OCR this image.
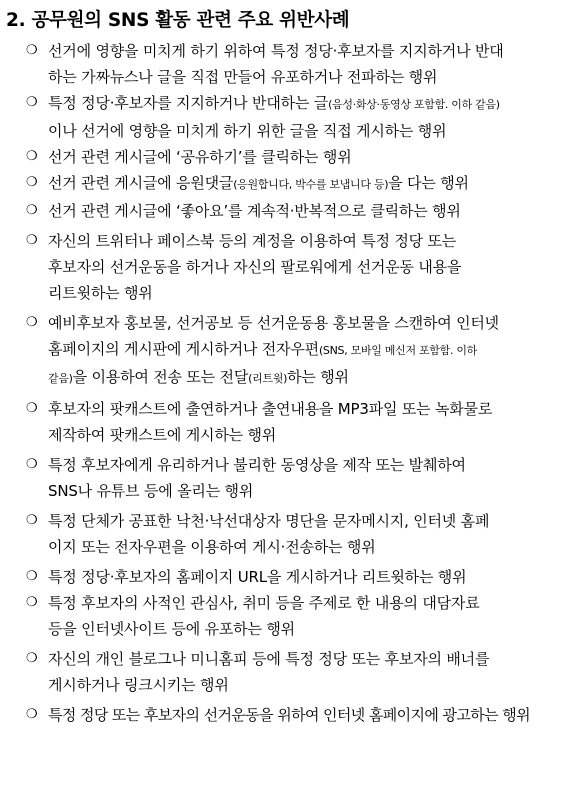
2. 공무원의 SNS 활동 관련 주요 위반사례
❍ 선거에 영향을 미치게 하기 위하여 특정 정당·후보자를 지지하거나 반대
하는 가짜뉴스나 글을 직접 만들어 유포하거나 전파하는 행위
❍ 특정 정당·후보자를 지지하거나 반대하는 글(음성·화상·동영상 포함함. 이하 같음)
이나 선거에 영향을 미치게 하기 위한 글을 직접 게시하는 행위
❍ 선거 관련 게시글에 ‘공유하기’를 클릭하는 행위
❍ 선거 관련 게시글에 응원댓글(응원합니다, 박수를 보냅니다 등)을 다는 행위
❍ 선거 관련 게시글에 ‘좋아요’를 계속적·반복적으로 클릭하는 행위
❍ 자신의 트위터나 페이스북 등의 계정을 이용하여 특정 정당 또는
후보자의 선거운동을 하거나 자신의 팔로워에게 선거운동 내용을
리트윗하는 행위
❍ 예비후보자 홍보물, 선거공보 등 선거운동용 홍보물을 스캔하여 인터넷
홈페이지의 게시판에 게시하거나 전자우편(SNS, 모바일 메신저 포함함. 이하
같음)을 이용하여 전송 또는 전달(리트윗)하는 행위
❍ 후보자의 팟캐스트에 출연하거나 출연내용을 MP3파일 또는 녹화물로
제작하여 팟캐스트에 게시하는 행위
❍ 특정 후보자에게 유리하거나 불리한 동영상을 제작 또는 발췌하여
SNS나 유튜브 등에 올리는 행위
❍ 특정 단체가 공표한 낙천·낙선대상자 명단을 문자메시지, 인터넷 홈페
이지 또는 전자우편을 이용하여 게시·전송하는 행위
❍ 특정 정당·후보자의 홈페이지 URL을 게시하거나 리트윗하는 행위
❍ 특정 후보자의 사적인 관심사, 취미 등을 주제로 한 내용의 대담자료
등을 인터넷사이트 등에 유포하는 행위
❍ 자신의 개인 블로그나 미니홈피 등에 특정 정당 또는 후보자의 배너를
게시하거나 링크시키는 행위
❍ 특정 정당 또는 후보자의 선거운동을 위하여 인터넷 홈페이지에 광고하는 행위
